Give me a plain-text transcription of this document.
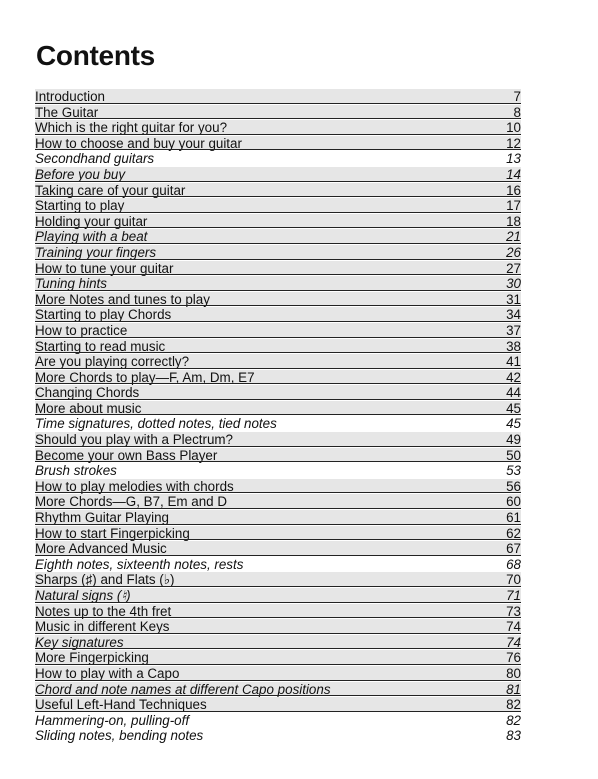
Contents
Introduction	7
The Guitar	8
Which is the right guitar for you?	10
How to choose and buy your guitar	12
Secondhand guitars	13
Before you buy	14
Taking care of your guitar	16
Starting to play	17
Holding your guitar	18
Playing with a beat	21
Training your fingers	26
How to tune your guitar	27
Tuning hints	30
More Notes and tunes to play	31
Starting to play Chords	34
How to practice	37
Starting to read music	38
Are you playing correctly?	41
More Chords to play—F, Am, Dm, E7	42
Changing Chords	44
More about music	45
Time signatures, dotted notes, tied notes	45
Should you play with a Plectrum?	49
Become your own Bass Player	50
Brush strokes	53
How to play melodies with chords	56
More Chords—G, B7, Em and D	60
Rhythm Guitar Playing	61
How to start Fingerpicking	62
More Advanced Music	67
Eighth notes, sixteenth notes, rests	68
Sharps (♯) and Flats (♭)	70
Natural signs (♮)	71
Notes up to the 4th fret	73
Music in different Keys	74
Key signatures	74
More Fingerpicking	76
How to play with a Capo	80
Chord and note names at different Capo positions	81
Useful Left-Hand Techniques	82
Hammering-on, pulling-off	82
Sliding notes, bending notes	83
